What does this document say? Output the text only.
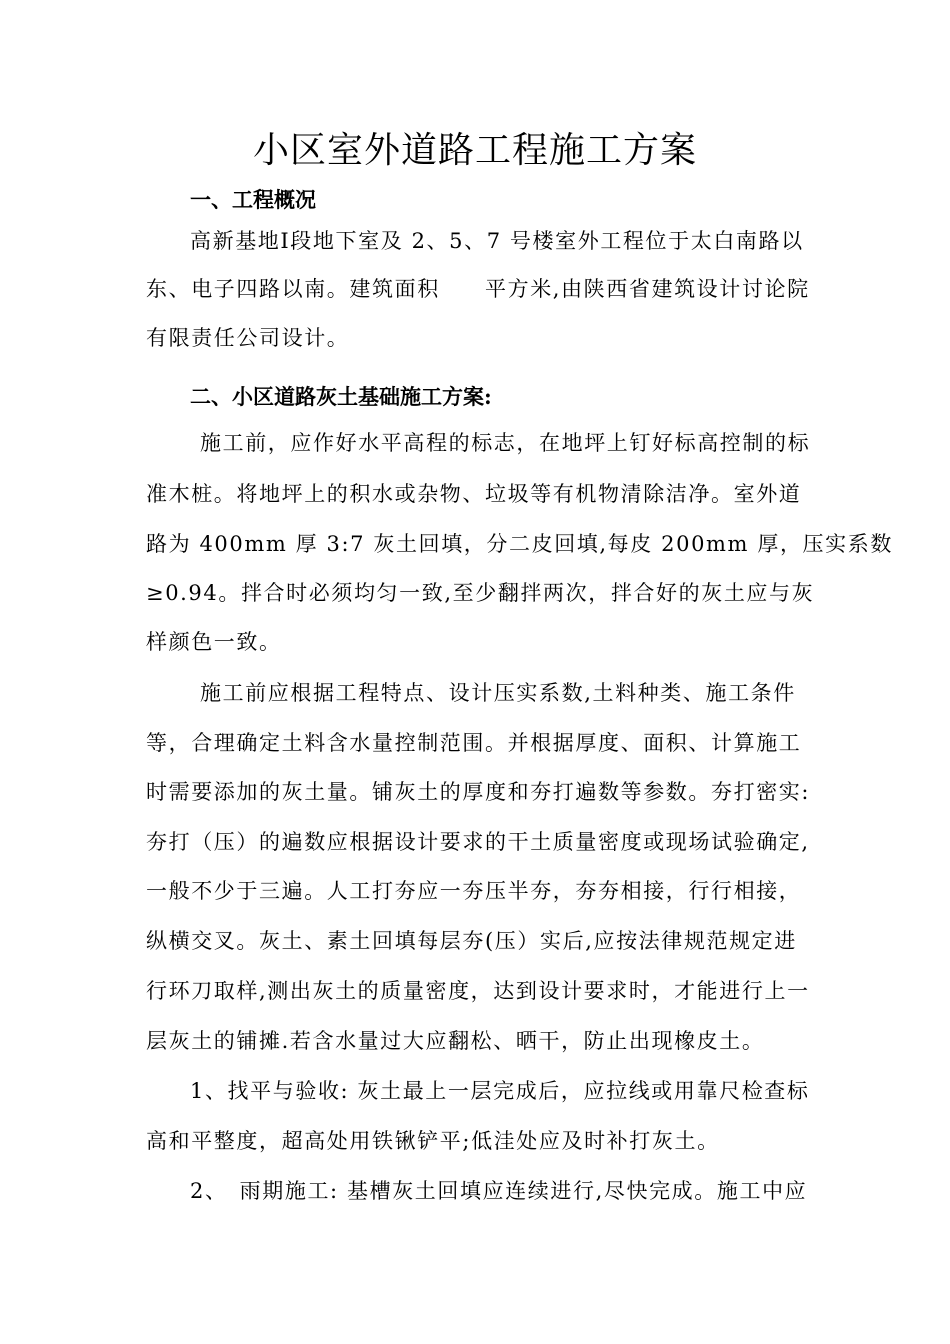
小区室外道路工程施工方案
一、工程概况
高新基地Ⅰ段地下室及 2、5、7 号楼室外工程位于太白南路以
东、电子四路以南。建筑面积　　平方米,由陕西省建筑设计讨论院
有限责任公司设计。
二、小区道路灰土基础施工方案:
施工前，应作好水平高程的标志，在地坪上钉好标高控制的标
准木桩。将地坪上的积水或杂物、垃圾等有机物清除洁净。室外道
路为 400mm 厚 3:7 灰土回填，分二皮回填,每皮 200mm 厚，压实系数
≥0.94。拌合时必须均匀一致,至少翻拌两次，拌合好的灰土应与灰
样颜色一致。
施工前应根据工程特点、设计压实系数,土料种类、施工条件
等，合理确定土料含水量控制范围。并根据厚度、面积、计算施工
时需要添加的灰土量。铺灰土的厚度和夯打遍数等参数。夯打密实:
夯打（压）的遍数应根据设计要求的干土质量密度或现场试验确定,
一般不少于三遍。人工打夯应一夯压半夯，夯夯相接，行行相接，
纵横交叉。灰土、素土回填每层夯(压）实后,应按法律规范规定进
行环刀取样,测出灰土的质量密度，达到设计要求时，才能进行上一
层灰土的铺摊.若含水量过大应翻松、晒干，防止出现橡皮土。
1、找平与验收: 灰土最上一层完成后，应拉线或用靠尺检查标
高和平整度，超高处用铁锹铲平;低洼处应及时补打灰土。
2、　雨期施工: 基槽灰土回填应连续进行,尽快完成。施工中应
